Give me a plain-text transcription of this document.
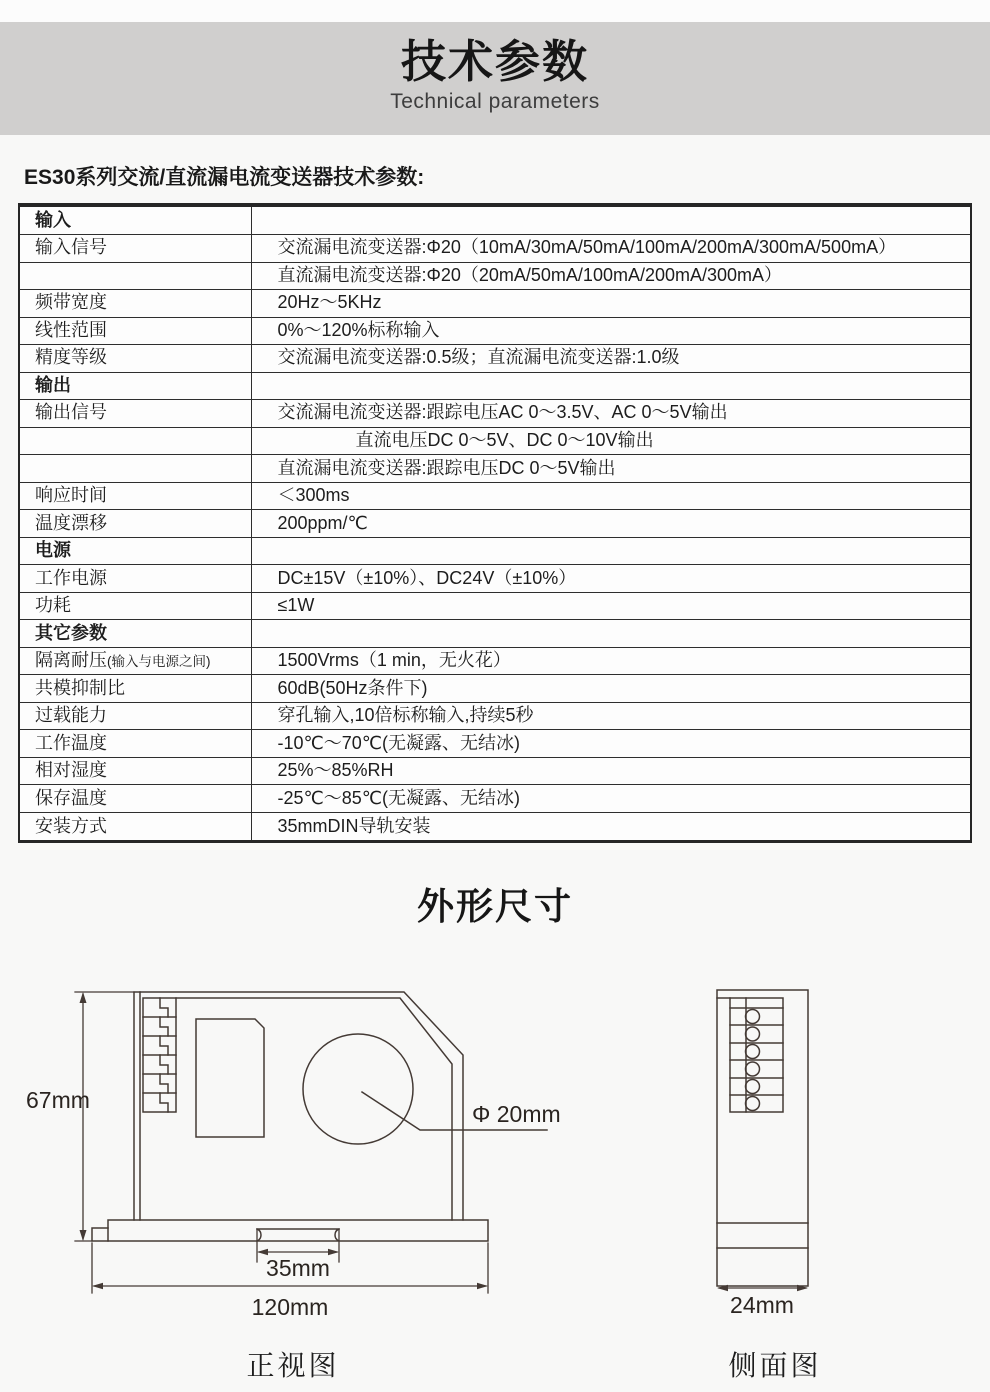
技术参数
Technical parameters
ES30系列交流/直流漏电流变送器技术参数:
输入	
输入信号	交流漏电流变送器:Φ20（10mA/30mA/50mA/100mA/200mA/300mA/500mA）
	直流漏电流变送器:Φ20（20mA/50mA/100mA/200mA/300mA）
频带宽度	20Hz～5KHz
线性范围	0%～120%标称输入
精度等级	交流漏电流变送器:0.5级；直流漏电流变送器:1.0级
输出	
输出信号	交流漏电流变送器:跟踪电压AC 0～3.5V、AC 0～5V输出
	直流电压DC 0～5V、DC 0～10V输出
	直流漏电流变送器:跟踪电压DC 0～5V输出
响应时间	＜300ms
温度漂移	200ppm/℃
电源	
工作电源	DC±15V（±10%）、DC24V（±10%）
功耗	≤1W
其它参数	
隔离耐压(输入与电源之间)	1500Vrms（1 min，无火花）
共模抑制比	60dB(50Hz条件下)
过载能力	穿孔输入,10倍标称输入,持续5秒
工作温度	-10℃～70℃(无凝露、无结冰)
相对湿度	25%～85%RH
保存温度	-25℃～85℃(无凝露、无结冰)
安装方式	35mmDIN导轨安装
外形尺寸
Φ 20mm
67mm
35mm
120mm
正视图
24mm
侧面图
